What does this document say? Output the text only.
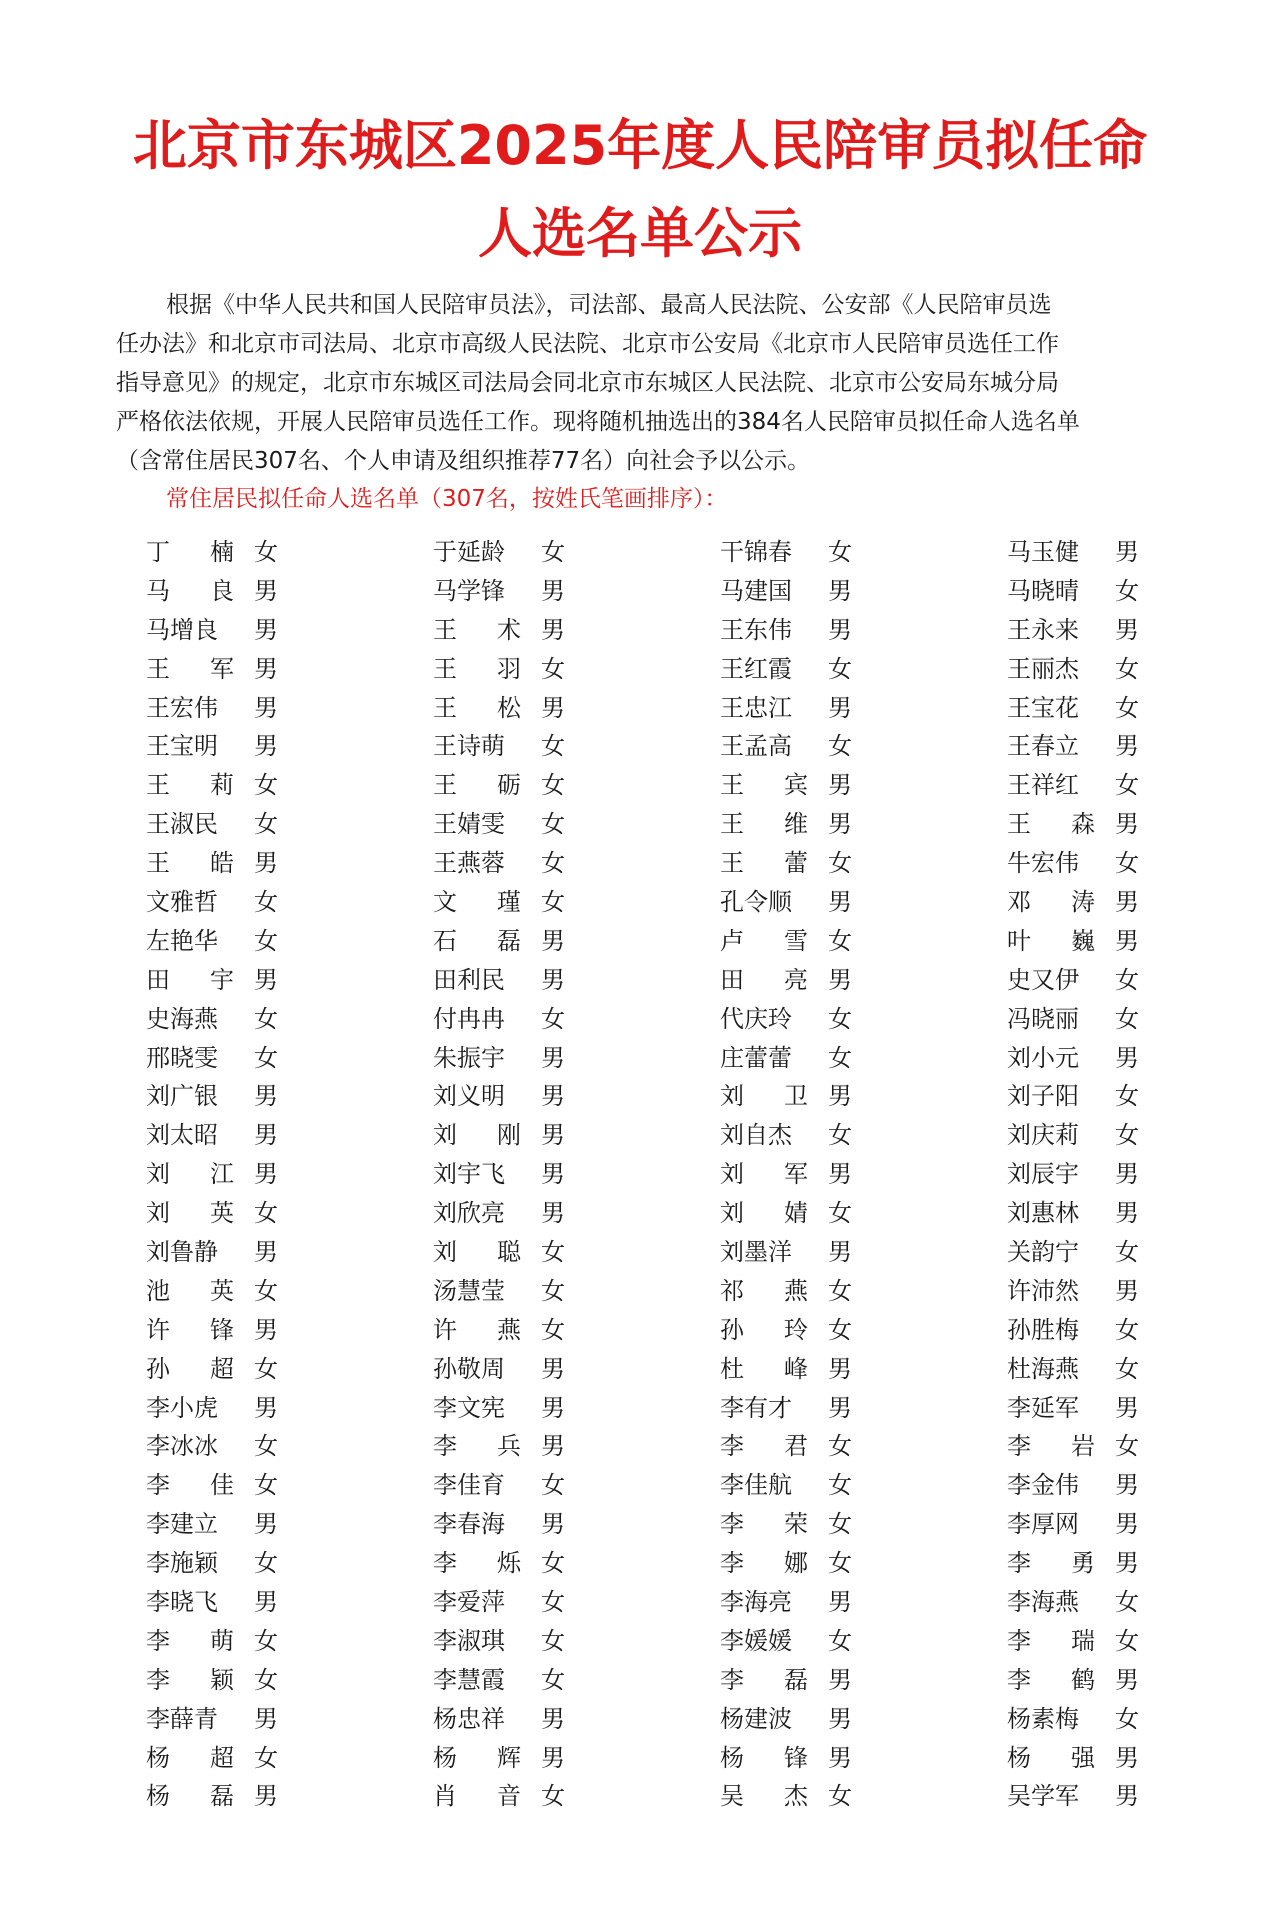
北京市东城区2025年度人民陪审员拟任命
人选名单公示

根据《中华人民共和国人民陪审员法》，司法部、最高人民法院、公安部《人民陪审员选
任办法》和北京市司法局、北京市高级人民法院、北京市公安局《北京市人民陪审员选任工作
指导意见》的规定，北京市东城区司法局会同北京市东城区人民法院、北京市公安局东城分局
严格依法依规，开展人民陪审员选任工作。现将随机抽选出的384名人民陪审员拟任命人选名单
（含常住居民307名、个人申请及组织推荐77名）向社会予以公示。

常住居民拟任命人选名单（307名，按姓氏笔画排序）：

丁 楠 女	于延龄	女	干锦春	女	马玉健	男
马 良 男	马学锋	男	马建国	男	马晓晴	女
马增良	男	王 术 男	王东伟	男	王永来	男
王 军 男	王 羽 女	王红霞	女	王丽杰	女
王宏伟	男	王 松 男	王忠江	男	王宝花	女
王宝明	男	王诗萌	女	王孟高	女	王春立	男
王 莉 女	王 砺 女	王 宾 男	王祥红	女
王淑民	女	王婧雯	女	王 维 男	王 森 男
王 皓 男	王燕蓉	女	王 蕾 女	牛宏伟	女
文雅哲	女	文 瑾 女	孔令顺	男	邓 涛 男
左艳华	女	石 磊 男	卢 雪 女	叶 巍 男
田 宇 男	田利民	男	田 亮 男	史又伊	女
史海燕	女	付冉冉	女	代庆玲	女	冯晓丽	女
邢晓雯	女	朱振宇	男	庄蕾蕾	女	刘小元	男
刘广银	男	刘义明	男	刘 卫 男	刘子阳	女
刘太昭	男	刘 刚 男	刘自杰	女	刘庆莉	女
刘 江 男	刘宇飞	男	刘 军 男	刘辰宇	男
刘 英 女	刘欣亮	男	刘 婧 女	刘惠林	男
刘鲁静	男	刘 聪 女	刘墨洋	男	关韵宁	女
池 英 女	汤慧莹	女	祁 燕 女	许沛然	男
许 锋 男	许 燕 女	孙 玲 女	孙胜梅	女
孙 超 女	孙敬周	男	杜 峰 男	杜海燕	女
李小虎	男	李文宪	男	李有才	男	李延军	男
李冰冰	女	李 兵 男	李 君 女	李 岩 女
李 佳 女	李佳育	女	李佳航	女	李金伟	男
李建立	男	李春海	男	李 荣 女	李厚网	男
李施颖	女	李 烁 女	李 娜 女	李 勇 男
李晓飞	男	李爱萍	女	李海亮	男	李海燕	女
李 萌 女	李淑琪	女	李媛媛	女	李 瑞 女
李 颖 女	李慧霞	女	李 磊 男	李 鹤 男
李薛青	男	杨忠祥	男	杨建波	男	杨素梅	女
杨 超 女	杨 辉 男	杨 锋 男	杨 强 男
杨 磊 男	肖 音 女	吴 杰 女	吴学军	男
